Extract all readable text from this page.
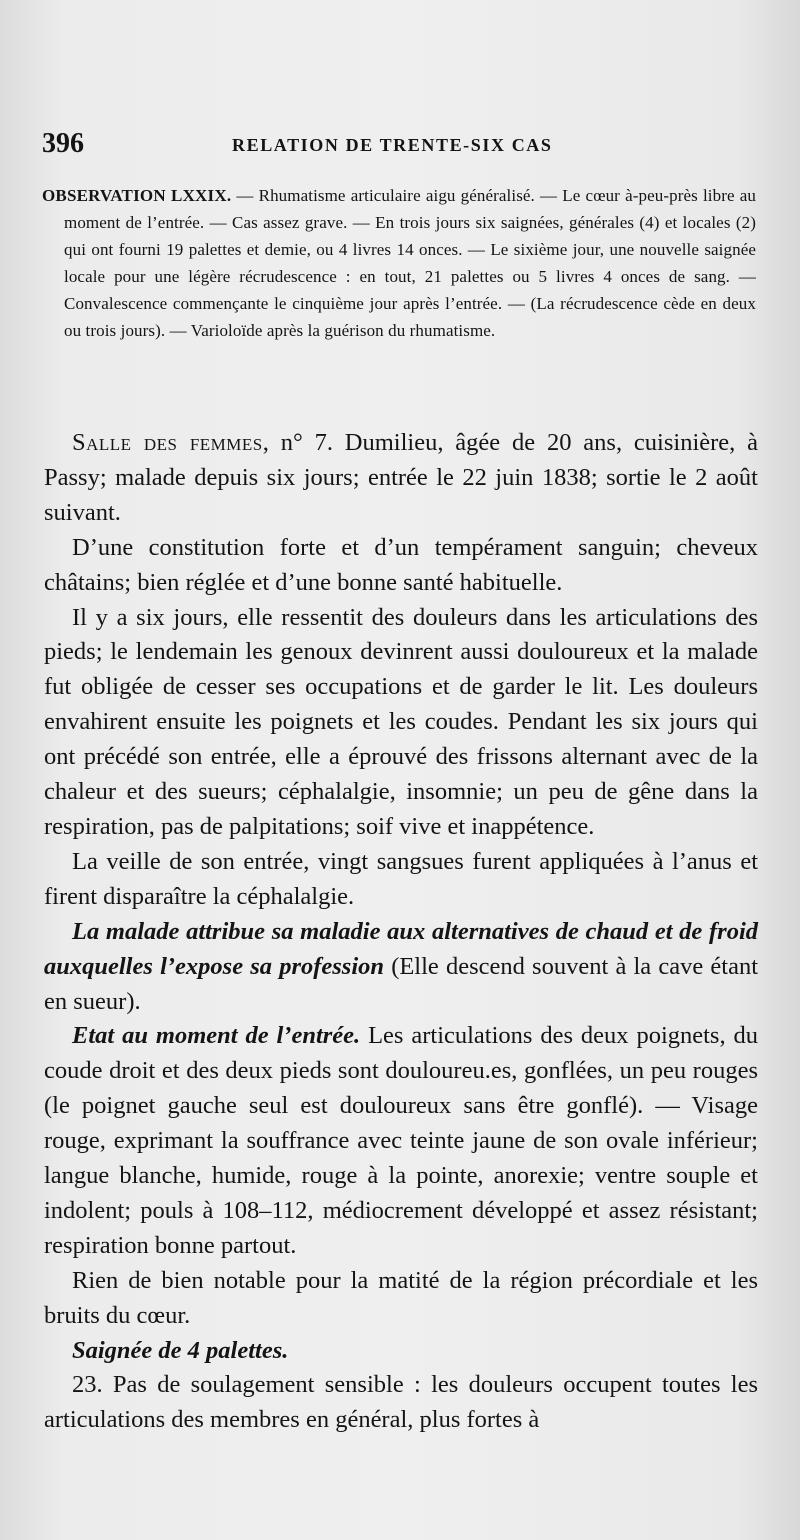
396	RELATION DE TRENTE-SIX CAS
OBSERVATION LXXIX. — Rhumatisme articulaire aigu généralisé. — Le cœur à-peu-près libre au moment de l’entrée. — Cas assez grave. — En trois jours six saignées, générales (4) et locales (2) qui ont fourni 19 palettes et demie, ou 4 livres 14 onces. — Le sixième jour, une nouvelle saignée locale pour une légère récrudescence : en tout, 21 palettes ou 5 livres 4 onces de sang. — Convalescence commençante le cinquième jour après l’entrée. — (La récrudescence cède en deux ou trois jours). — Varioloïde après la guérison du rhumatisme.

Salle des femmes, n° 7. Dumilieu, âgée de 20 ans, cuisinière, à Passy; malade depuis six jours; entrée le 22 juin 1838; sortie le 2 août suivant.

D’une constitution forte et d’un tempérament sanguin; cheveux châtains; bien réglée et d’une bonne santé habituelle.

Il y a six jours, elle ressentit des douleurs dans les articulations des pieds; le lendemain les genoux devinrent aussi douloureux et la malade fut obligée de cesser ses occupations et de garder le lit. Les douleurs envahirent ensuite les poignets et les coudes. Pendant les six jours qui ont précédé son entrée, elle a éprouvé des frissons alternant avec de la chaleur et des sueurs; céphalalgie, insomnie; un peu de gêne dans la respiration, pas de palpitations; soif vive et inappétence.

La veille de son entrée, vingt sangsues furent appliquées à l’anus et firent disparaître la céphalalgie.

La malade attribue sa maladie aux alternatives de chaud et de froid auxquelles l’expose sa profession (Elle descend souvent à la cave étant en sueur).

Etat au moment de l’entrée. Les articulations des deux poignets, du coude droit et des deux pieds sont douloureu.es, gonflées, un peu rouges (le poignet gauche seul est douloureux sans être gonflé). — Visage rouge, exprimant la souffrance avec teinte jaune de son ovale inférieur; langue blanche, humide, rouge à la pointe, anorexie; ventre souple et indolent; pouls à 108–112, médiocrement développé et assez résistant; respiration bonne partout.

Rien de bien notable pour la matité de la région précordiale et les bruits du cœur.

Saignée de 4 palettes.

23. Pas de soulagement sensible : les douleurs occupent toutes les articulations des membres en général, plus fortes à
